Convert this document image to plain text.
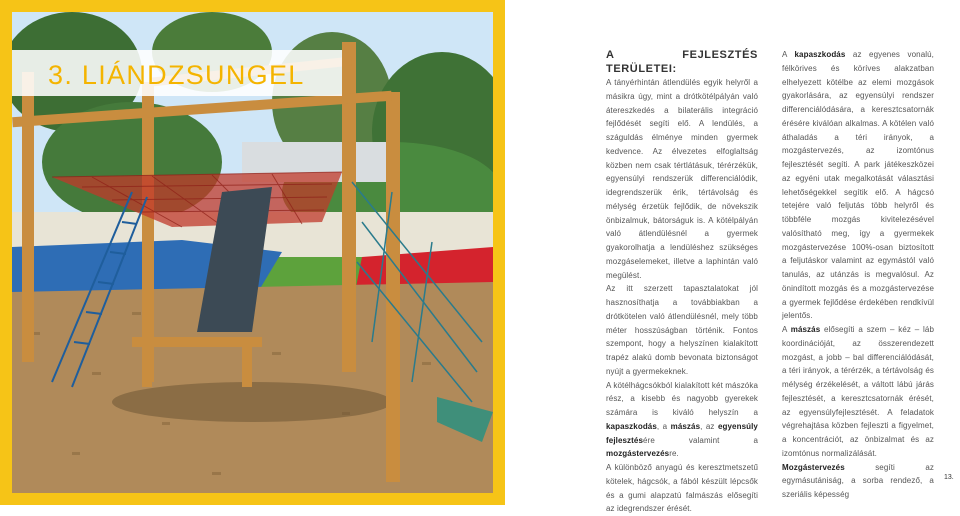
3. LIÁNDZSUNGEL
A FEJLESZTÉS TERÜLETEI:

A tányérhintán átlendülés egyik helyről a másikra úgy, mint a drótkötélpályán való átereszkedés a bilaterális integráció fejlődését segíti elő. A lendülés, a száguldás élménye minden gyermek kedvence. Az élvezetes elfoglaltság közben nem csak tértlátásuk, térérzékük, egyensúlyi rendszerük differenciálódik, idegrendszerük érik, tértávolság és mélység érzetük fejlődik, de növekszik önbizalmuk, bátorságuk is. A kötélpályán való átlendülésnél a gyermek gyakorolhatja a lendüléshez szükséges mozgáselemeket, illetve a laphintán való megülést.

Az itt szerzett tapasztalatokat jól hasznosíthatja a továbbiakban a drótkötelen való átlendülésnél, mely több méter hosszúságban történik. Fontos szempont, hogy a helyszínen kialakított trapéz alakú domb bevonata biztonságot nyújt a gyermekeknek.

A kötélhágcsókból kialakított két mászóka rész, a kisebb és nagyobb gyerekek számára is kiváló helyszín a kapaszkodás, a mászás, az egyensúly fejlesztésére valamint a mozgástervezésre.

A különböző anyagú és keresztmetszetű kötelek, hágcsók, a fából készült lépcsők és a gumi alapzatú falmászás elősegíti az idegrendszer érését.

A kapaszkodás az egyenes vonalú, félkörives és köríves alakzatban elhelyezett kötélbe az elemi mozgások gyakorlására, az egyensúlyi rendszer differenciálódására, a keresztcsatornák érésére kiválóan alkalmas. A kötélen való áthaladás a téri irányok, a mozgástervezés, az izomtónus fejlesztését segíti. A park játékeszközei az egyéni utak megalkotását választási lehetőségekkel segítik elő. A hágcsó tetejére való feljutás több helyről és többféle mozgás kivitelezésével valósítható meg, így a gyermekek mozgástervezése 100%-osan biztosított a feljutáskor valamint az egymástól való tanulás, az utánzás is megvalósul. Az önindított mozgás és a mozgástervezése a gyermek fejlődése érdekében rendkívül jelentős.

A mászás elősegíti a szem – kéz – láb koordinációját, az összerendezett mozgást, a jobb – bal differenciálódását, a téri irányok, a térérzék, a tértávolság és mélység érzékelését, a váltott lábú járás fejlesztését, a keresztcsatornák érését, az egyensúlyfejlesztését. A feladatok végrehajtása közben fejleszti a figyelmet, a koncentrációt, az önbizalmat és az izomtónus normalizálását.

Mozgástervezés segíti az egymásutániság, a sorba rendező, a szeriális képesség

13.
